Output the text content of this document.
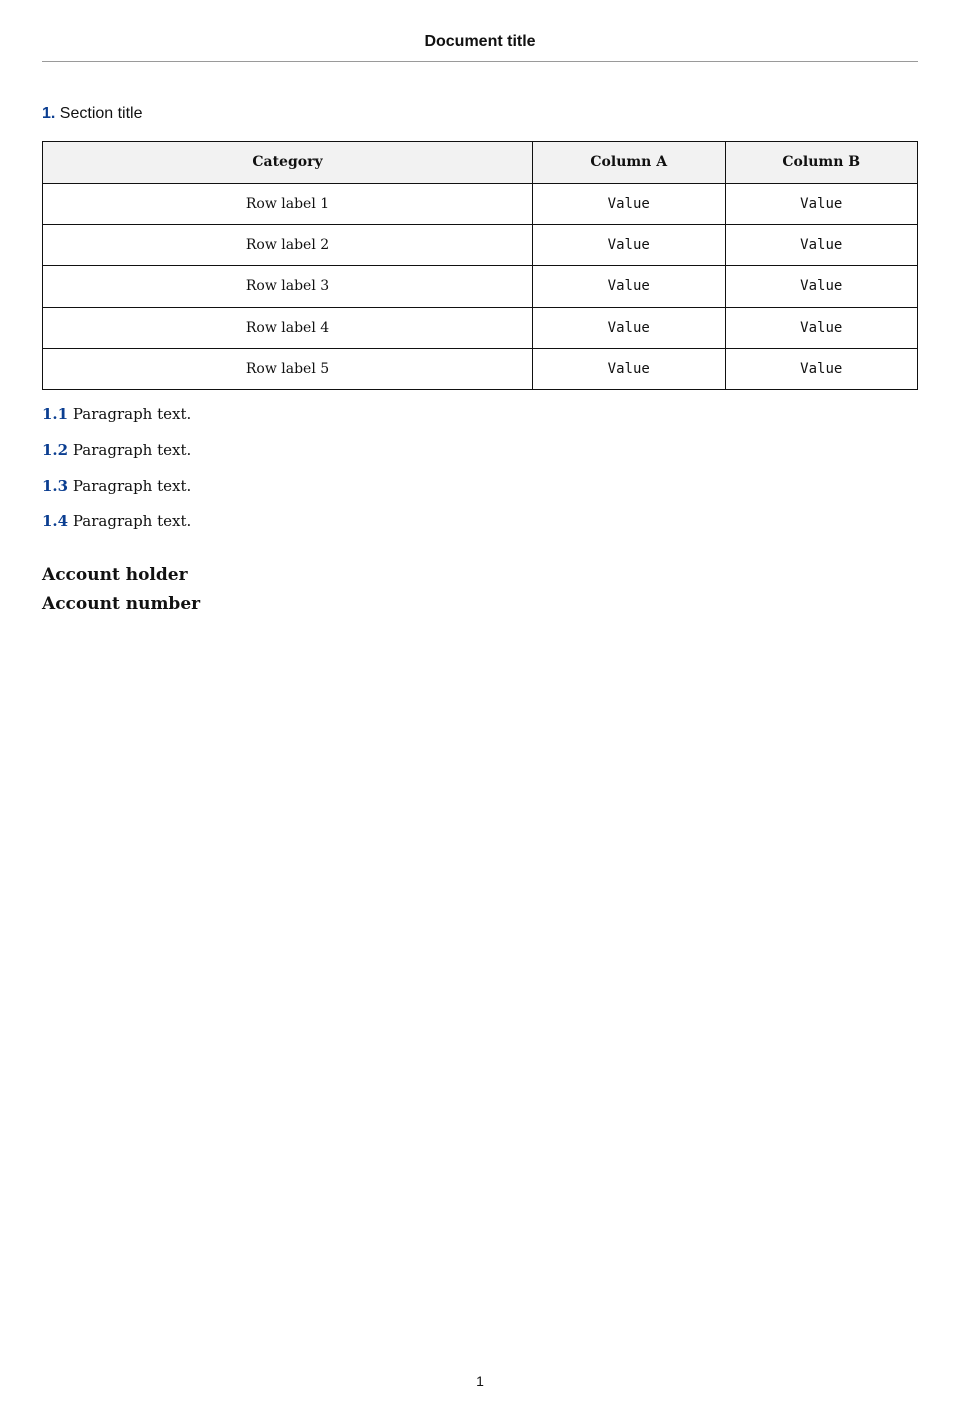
Document title
1. Section title
Category	Column A	Column B
Row label 1	Value	Value
Row label 2	Value	Value
Row label 3	Value	Value
Row label 4	Value	Value
Row label 5	Value	Value
1.1 Paragraph text.
1.2 Paragraph text.
1.3 Paragraph text.
1.4 Paragraph text.
Account holder
Account number
1
